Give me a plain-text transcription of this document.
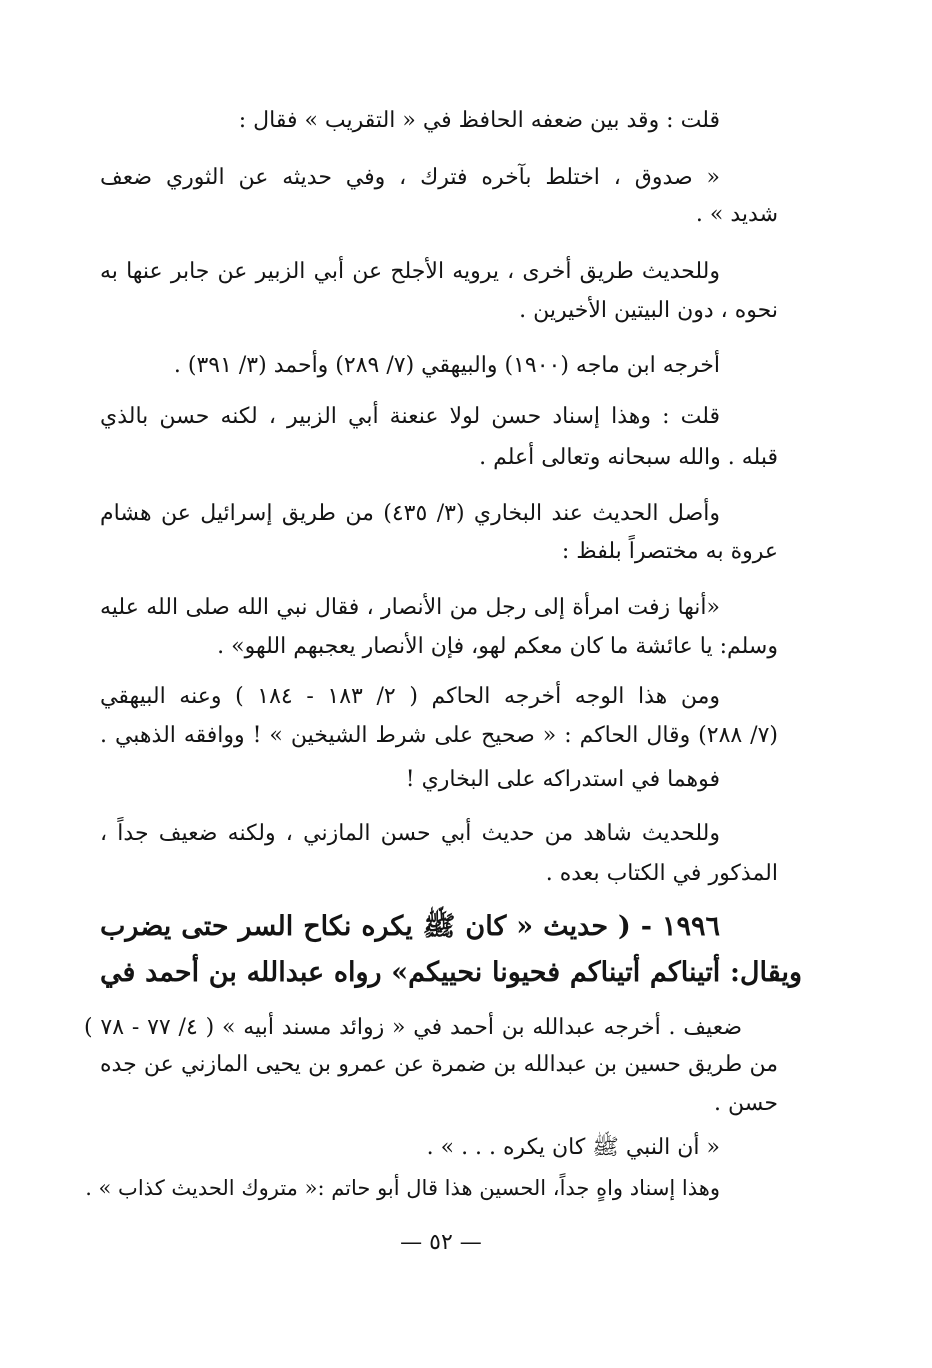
قلت : وقد بين ضعفه الحافظ في « التقريب » فقال :
« صدوق ، اختلط بآخره فترك ، وفي حديثه عن الثوري ضعف
شديد » .
وللحديث طريق أخرى ، يرويه الأجلح عن أبي الزبير عن جابر عنها به
نحوه ، دون البيتين الأخيرين .
أخرجه ابن ماجه (١٩٠٠) والبيهقي (٧/ ٢٨٩) وأحمد (٣/ ٣٩١) .
قلت : وهذا إسناد حسن لولا عنعنة أبي الزبير ، لكنه حسن بالذي
قبله . والله سبحانه وتعالى أعلم .
وأصل الحديث عند البخاري (٣/ ٤٣٥) من طريق إسرائيل عن هشام
عروة به مختصراً بلفظ :
«أنها زفت امرأة إلى رجل من الأنصار ، فقال نبي الله صلى الله عليه
وسلم: يا عائشة ما كان معكم لهو، فإن الأنصار يعجبهم اللهو» .
ومن هذا الوجه أخرجه الحاكم ( ٢/ ١٨٣ - ١٨٤ ) وعنه البيهقي
(٧/ ٢٨٨) وقال الحاكم : « صحيح على شرط الشيخين » ! ووافقه الذهبي .
فوهما في استدراكه على البخاري !
وللحديث شاهد من حديث أبي حسن المازني ، ولكنه ضعيف جداً ،
المذكور في الكتاب بعده .
١٩٩٦ - ( حديث « كان ﷺ يكره نكاح السر حتى يضرب
ويقال: أتيناكم أتيناكم فحيونا نحييكم» رواه عبدالله بن أحمد في
ضعيف . أخرجه عبدالله بن أحمد في « زوائد مسند أبيه » ( ٤/ ٧٧ - ٧٨ )
من طريق حسين بن عبدالله بن ضمرة عن عمرو بن يحيى المازني عن جده
حسن .
« أن النبي ﷺ كان يكره . . . » .
وهذا إسناد واهٍ جداً، الحسين هذا قال أبو حاتم :« متروك الحديث كذاب » .
— ٥٢ —
